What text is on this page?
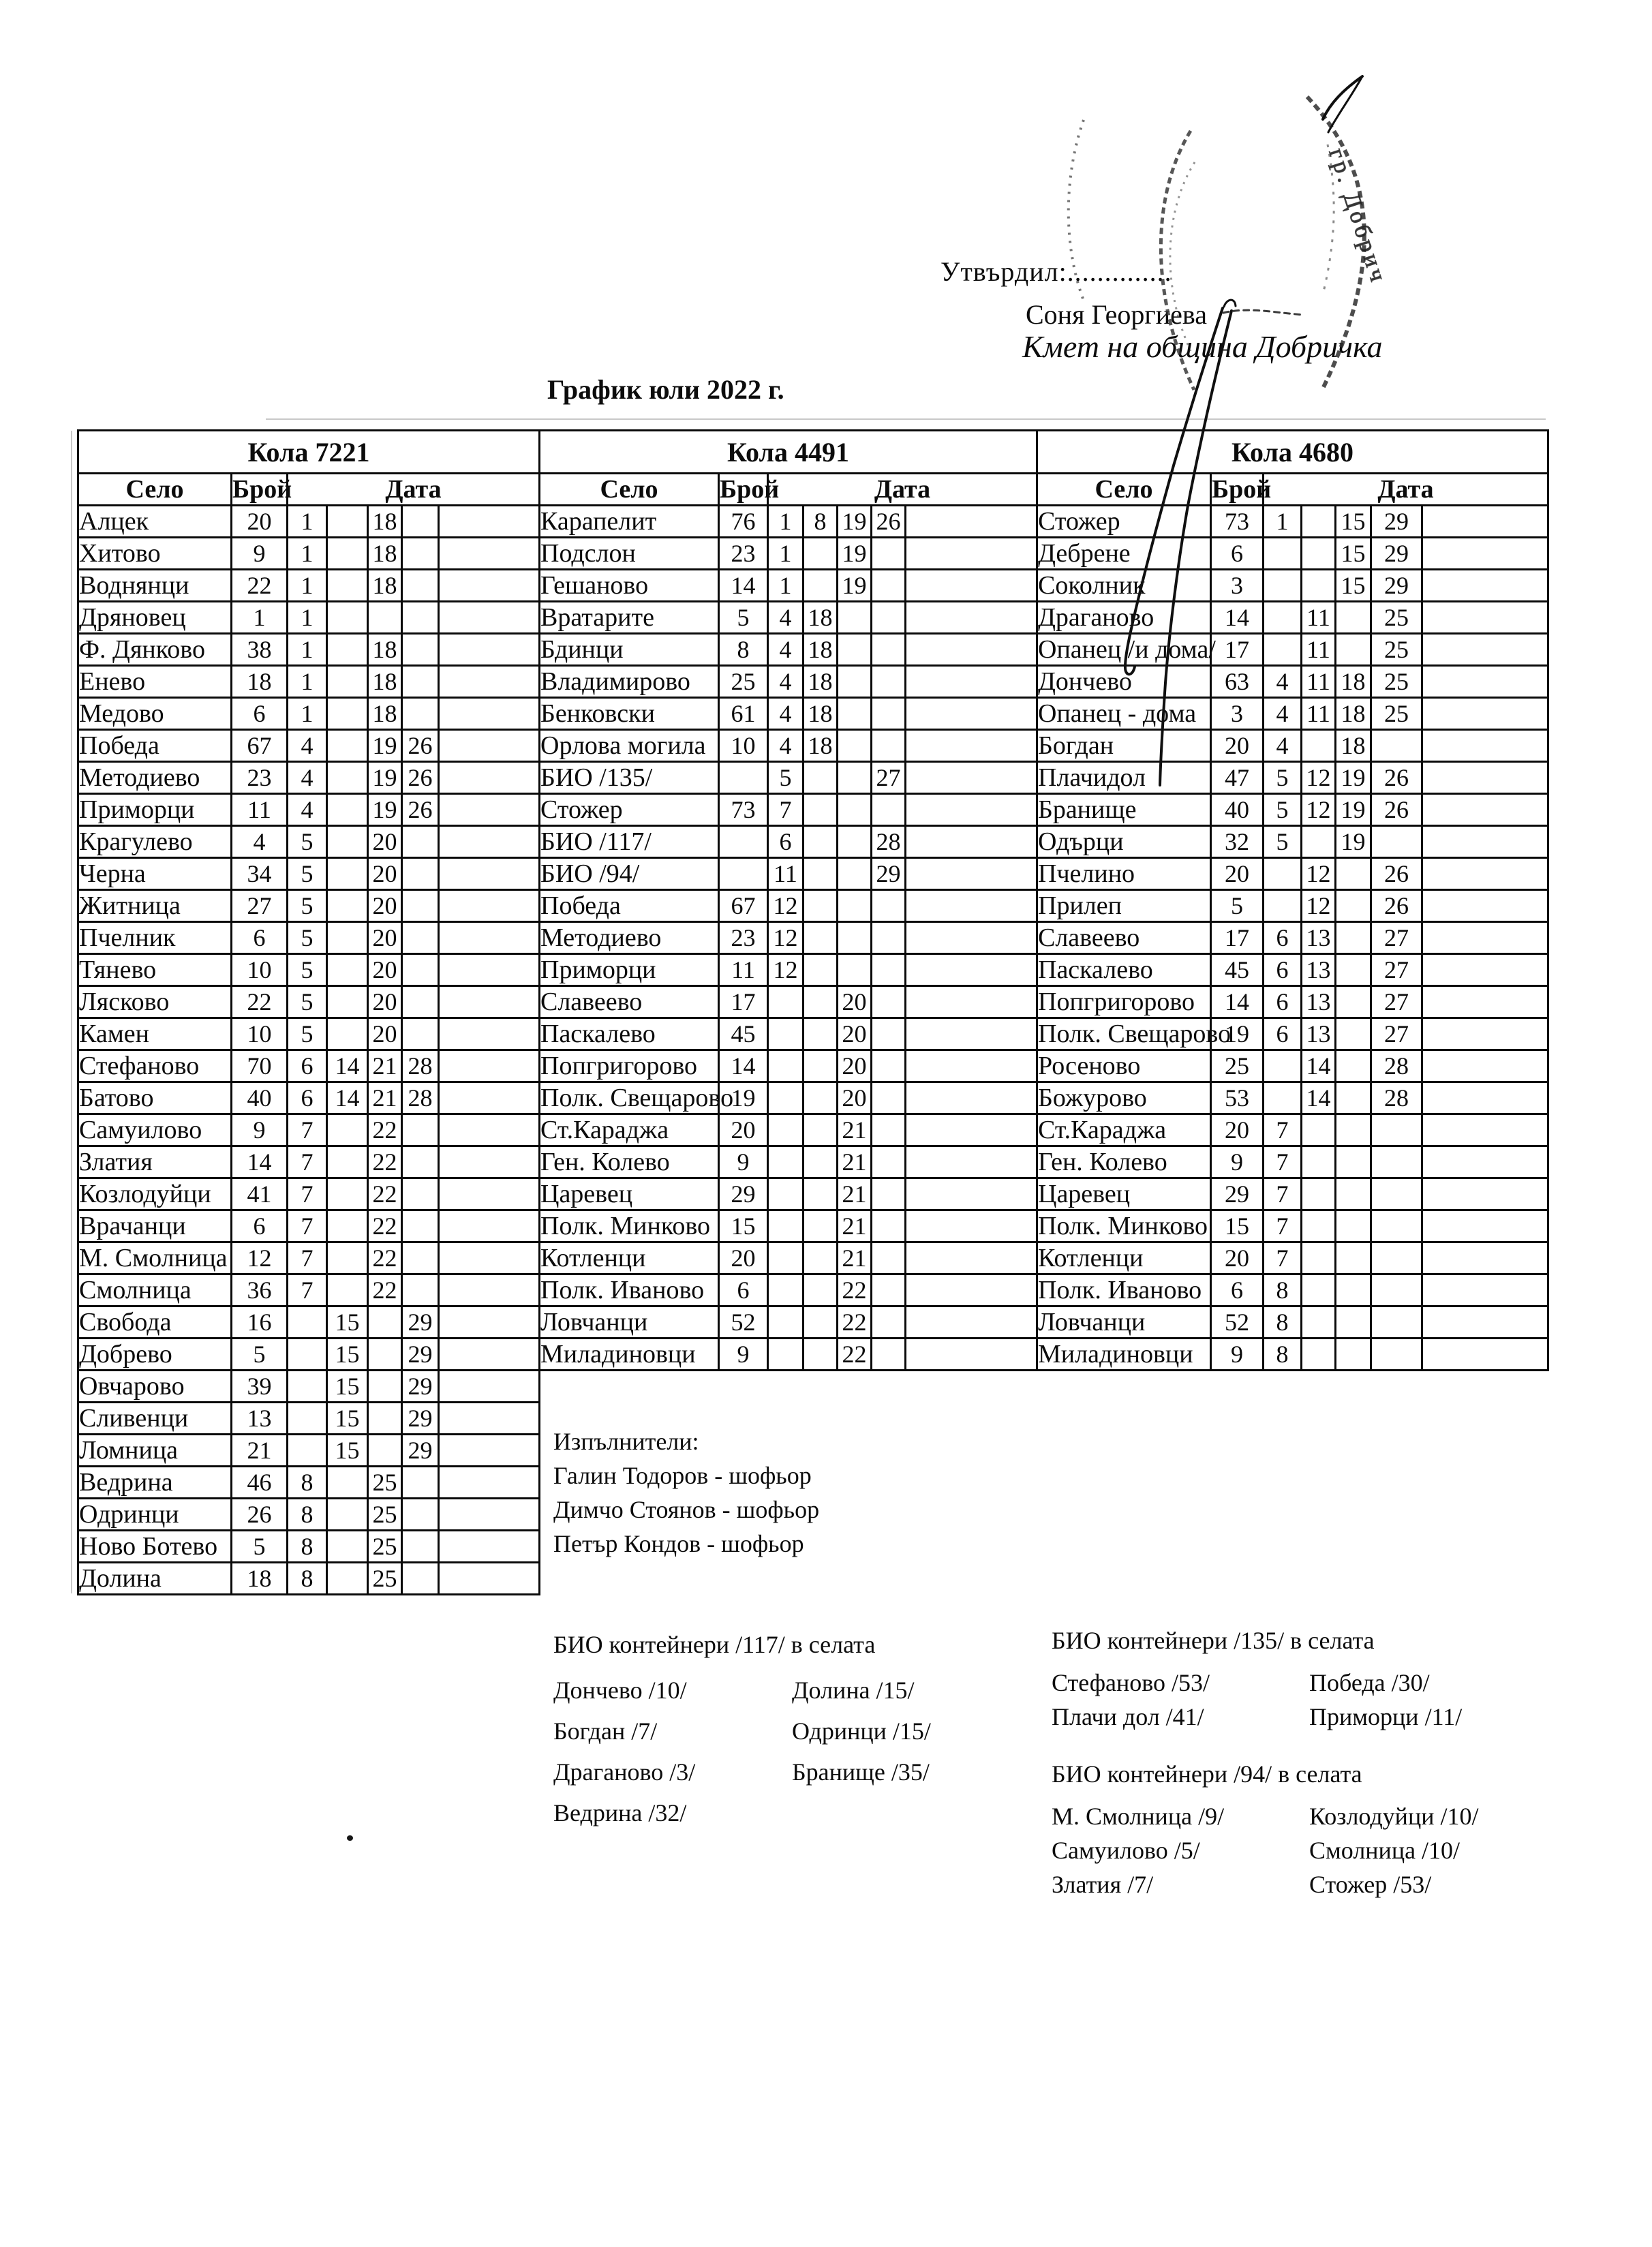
Утвърдил:..............
Соня Георгиева
Кмет на община Добричка
График юли 2022 г.
Кола 7221						
Село	Брой	Дата				
Алцек	20	1		18		
Хитово	9	1		18		
Воднянци	22	1		18		
Дряновец	1	1				
Ф. Дянково	38	1		18		
Енево	18	1		18		
Медово	6	1		18		
Победа	67	4		19	26	
Методиево	23	4		19	26	
Приморци	11	4		19	26	
Крагулево	4	5		20		
Черна	34	5		20		
Житница	27	5		20		
Пчелник	6	5		20		
Тянево	10	5		20		
Лясково	22	5		20		
Камен	10	5		20		
Стефаново	70	6	14	21	28	
Батово	40	6	14	21	28	
Самуилово	9	7		22		
Златия	14	7		22		
Козлодуйци	41	7		22		
Врачанци	6	7		22		
М. Смолница	12	7		22		
Смолница	36	7		22		
Свобода	16		15		29	
Добрево	5		15		29	
Овчарово	39		15		29	
Сливенци	13		15		29	
Ломница	21		15		29	
Ведрина	46	8		25		
Одринци	26	8		25		
Ново Ботево	5	8		25		
Долина	18	8		25		
Кола 4491						
Село	Брой	Дата				
Карапелит	76	1	8	19	26	
Подслон	23	1		19		
Гешаново	14	1		19		
Вратарите	5	4	18			
Бдинци	8	4	18			
Владимирово	25	4	18			
Бенковски	61	4	18			
Орлова могила	10	4	18			
БИО /135/		5			27	
Стожер	73	7				
БИО /117/		6			28	
БИО /94/		11			29	
Победа	67	12				
Методиево	23	12				
Приморци	11	12				
Славеево	17			20		
Паскалево	45			20		
Попгригорово	14			20		
Полк. Свещарово	19			20		
Ст.Караджа	20			21		
Ген. Колево	9			21		
Царевец	29			21		
Полк. Минково	15			21		
Котленци	20			21		
Полк. Иваново	6			22		
Ловчанци	52			22		
Миладиновци	9			22		
Кола 4680						
Село	Брой	Дата				
Стожер	73	1		15	29	
Дебрене	6			15	29	
Соколник	3			15	29	
Драганово	14		11		25	
Опанец /и дома/	17		11		25	
Дончево	63	4	11	18	25	
Опанец - дома	3	4	11	18	25	
Богдан	20	4		18		
Плачидол	47	5	12	19	26	
Бранище	40	5	12	19	26	
Одърци	32	5		19		
Пчелино	20		12		26	
Прилеп	5		12		26	
Славеево	17	6	13		27	
Паскалево	45	6	13		27	
Попгригорово	14	6	13		27	
Полк. Свещарово	19	6	13		27	
Росеново	25		14		28	
Божурово	53		14		28	
Ст.Караджа	20	7				
Ген. Колево	9	7				
Царевец	29	7				
Полк. Минково	15	7				
Котленци	20	7				
Полк. Иваново	6	8				
Ловчанци	52	8				
Миладиновци	9	8				

Изпълнители:

Галин Тодоров - шофьор

Димчо Стоянов - шофьор

Петър Кондов - шофьор

БИО контейнери /117/ в селата

Дончево /10/

Богдан /7/

Драганово /3/

Ведрина /32/

Долина /15/

Одринци /15/

Бранище /35/

БИО контейнери /135/ в селата

Стефаново /53/

Плачи дол /41/

Победа /30/

Приморци /11/

БИО контейнери /94/ в селата

М. Смолница /9/

Самуилово /5/

Златия /7/

Козлодуйци /10/

Смолница /10/

Стожер /53/

гр. Добрич
